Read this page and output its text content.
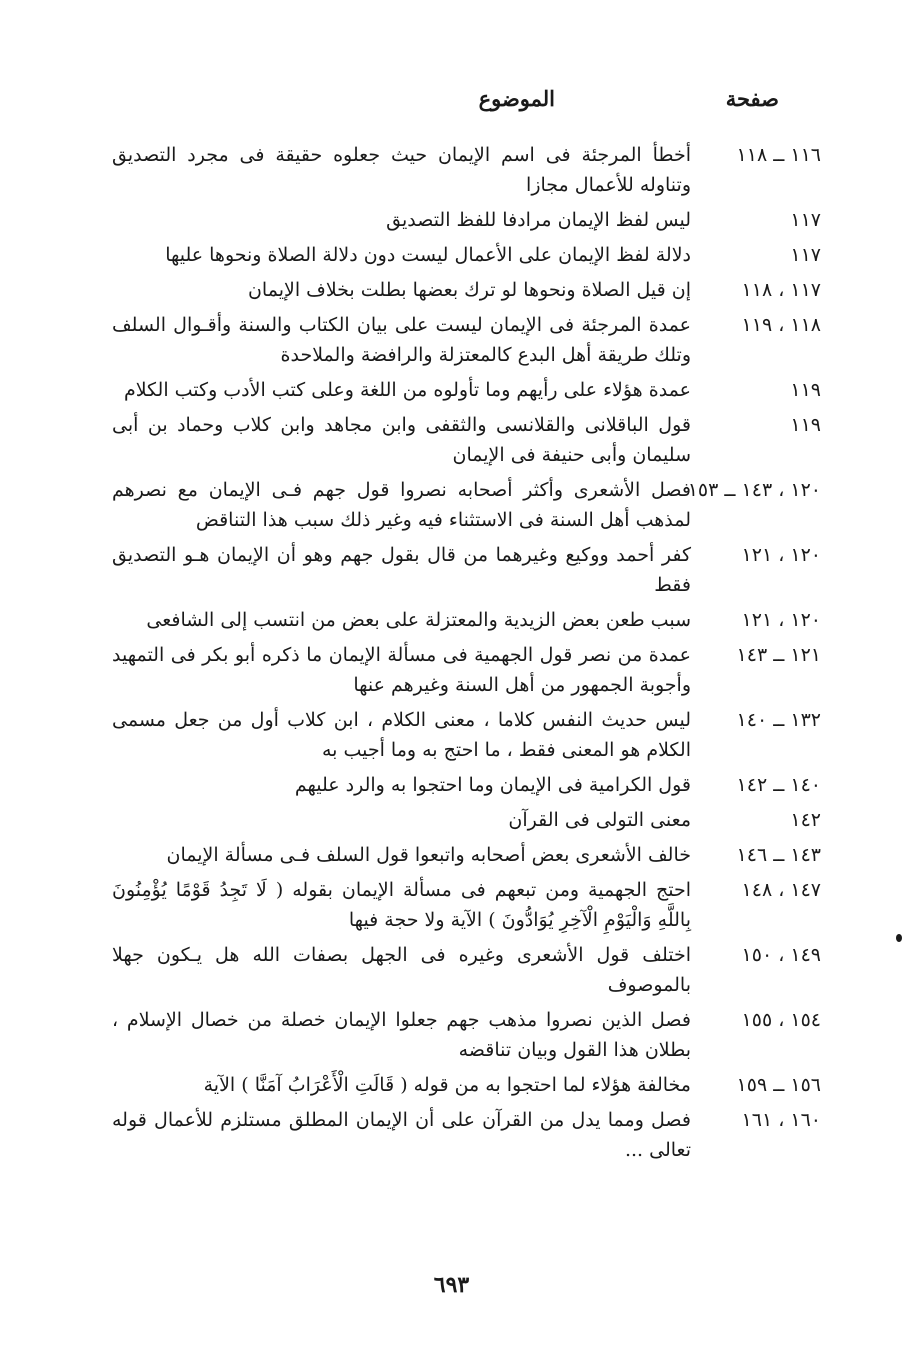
صفحة
الموضوع
١١٦ ــ ١١٨
أخطأ المرجئة فى اسم الإيمان حيث جعلوه حقيقة فى مجرد التصديق وتناوله للأعمال مجازا
١١٧
ليس لفظ الإيمان مرادفا للفظ التصديق
١١٧
دلالة لفظ الإيمان على الأعمال ليست دون دلالة الصلاة ونحوها عليها
١١٧ ، ١١٨
إن قيل الصلاة ونحوها لو ترك بعضها بطلت بخلاف الإيمان
١١٨ ، ١١٩
عمدة المرجئة فى الإيمان ليست على بيان الكتاب والسنة وأقـوال السلف وتلك طريقة أهل البدع كالمعتزلة والرافضة والملاحدة
١١٩
عمدة هؤلاء على رأيهم وما تأولوه من اللغة وعلى كتب الأدب وكتب الكلام
١١٩
قول الباقلانى والقلانسى والثقفى وابن مجاهد وابن كلاب وحماد بن أبى سليمان وأبى حنيفة فى الإيمان
١٢٠ ، ١٤٣ ــ ١٥٣
فصل الأشعرى وأكثر أصحابه نصروا قول جهم فـى الإيمان مع نصرهم لمذهب أهل السنة فى الاستثناء فيه وغير ذلك سبب هذا التناقض
١٢٠ ، ١٢١
كفر أحمد ووكيع وغيرهما من قال بقول جهم وهو أن الإيمان هـو التصديق فقط
١٢٠ ، ١٢١
سبب طعن بعض الزيدية والمعتزلة على بعض من انتسب إلى الشافعى
١٢١ ــ ١٤٣
عمدة من نصر قول الجهمية فى مسألة الإيمان ما ذكره أبو بكر فى التمهيد وأجوبة الجمهور من أهل السنة وغيرهم عنها
١٣٢ ــ ١٤٠
ليس حديث النفس كلاما ، معنى الكلام ، ابن كلاب أول من جعل مسمى الكلام هو المعنى فقط ، ما احتج به وما أجيب به
١٤٠ ــ ١٤٢
قول الكرامية فى الإيمان وما احتجوا به والرد عليهم
١٤٢
معنى التولى فى القرآن
١٤٣ ــ ١٤٦
خالف الأشعرى بعض أصحابه واتبعوا قول السلف فـى مسألة الإيمان
١٤٧ ، ١٤٨
احتج الجهمية ومن تبعهم فى مسألة الإيمان بقوله ( لَا تَجِدُ قَوْمًا يُؤْمِنُونَ بِاللَّهِ وَالْيَوْمِ الْآخِرِ يُوَادُّونَ ) الآية ولا حجة فيها
١٤٩ ، ١٥٠
اختلف قول الأشعرى وغيره فى الجهل بصفات الله هل يـكون جهلا بالموصوف
١٥٤ ، ١٥٥
فصل الذين نصروا مذهب جهم جعلوا الإيمان خصلة من خصال الإسلام ، بطلان هذا القول وبيان تناقضه
١٥٦ ــ ١٥٩
مخالفة هؤلاء لما احتجوا به من قوله ( قَالَتِ الْأَعْرَابُ آمَنَّا ) الآية
١٦٠ ، ١٦١
فصل ومما يدل من القرآن على أن الإيمان المطلق مستلزم للأعمال قوله تعالى ...
٦٩٣
